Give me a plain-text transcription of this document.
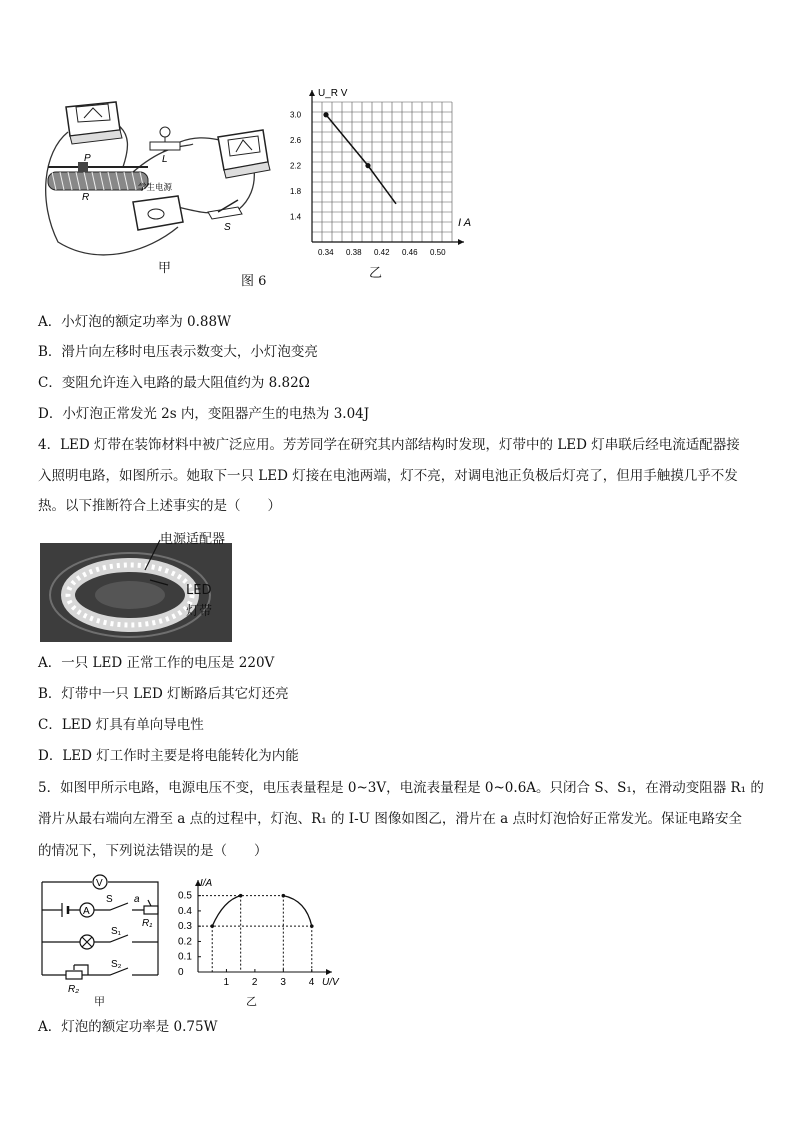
P
R
L
学生电源
S
甲
图 6
乙
0.34 0.38 0.42 0.46 0.50
3.0
2.6
2.2
1.8
1.4
U_R V
I A
A．小灯泡的额定功率为 0.88W
B．滑片向左移时电压表示数变大，小灯泡变亮
C．变阻允许连入电路的最大阻值约为 8.82Ω
D．小灯泡正常发光 2s 内，变阻器产生的电热为 3.04J
4．LED 灯带在装饰材料中被广泛应用。芳芳同学在研究其内部结构时发现，灯带中的 LED 灯串联后经电流适配器接
入照明电路，如图所示。她取下一只 LED 灯接在电池两端，灯不亮，对调电池正负极后灯亮了，但用手触摸几乎不发
热。以下推断符合上述事实的是（　　）
电源适配器
LED
灯带
A．一只 LED 正常工作的电压是 220V
B．灯带中一只 LED 灯断路后其它灯还亮
C．LED 灯具有单向导电性
D．LED 灯工作时主要是将电能转化为内能
5．如图甲所示电路，电源电压不变，电压表量程是 0~3V，电流表量程是 0~0.6A。只闭合 S、S₁，在滑动变阻器 R₁ 的
滑片从最右端向左滑至 a 点的过程中，灯泡、R₁ 的 I-U 图像如图乙，滑片在 a 点时灯泡恰好正常发光。保证电路安全
的情况下，下列说法错误的是（　　）
V
A
S a
R₁
S₁
S₂
R₂
甲
1 2 3 4
0.5
0.4
0.3
0.2
0.1
0
I/A
U/V
乙
A．灯泡的额定功率是 0.75W
